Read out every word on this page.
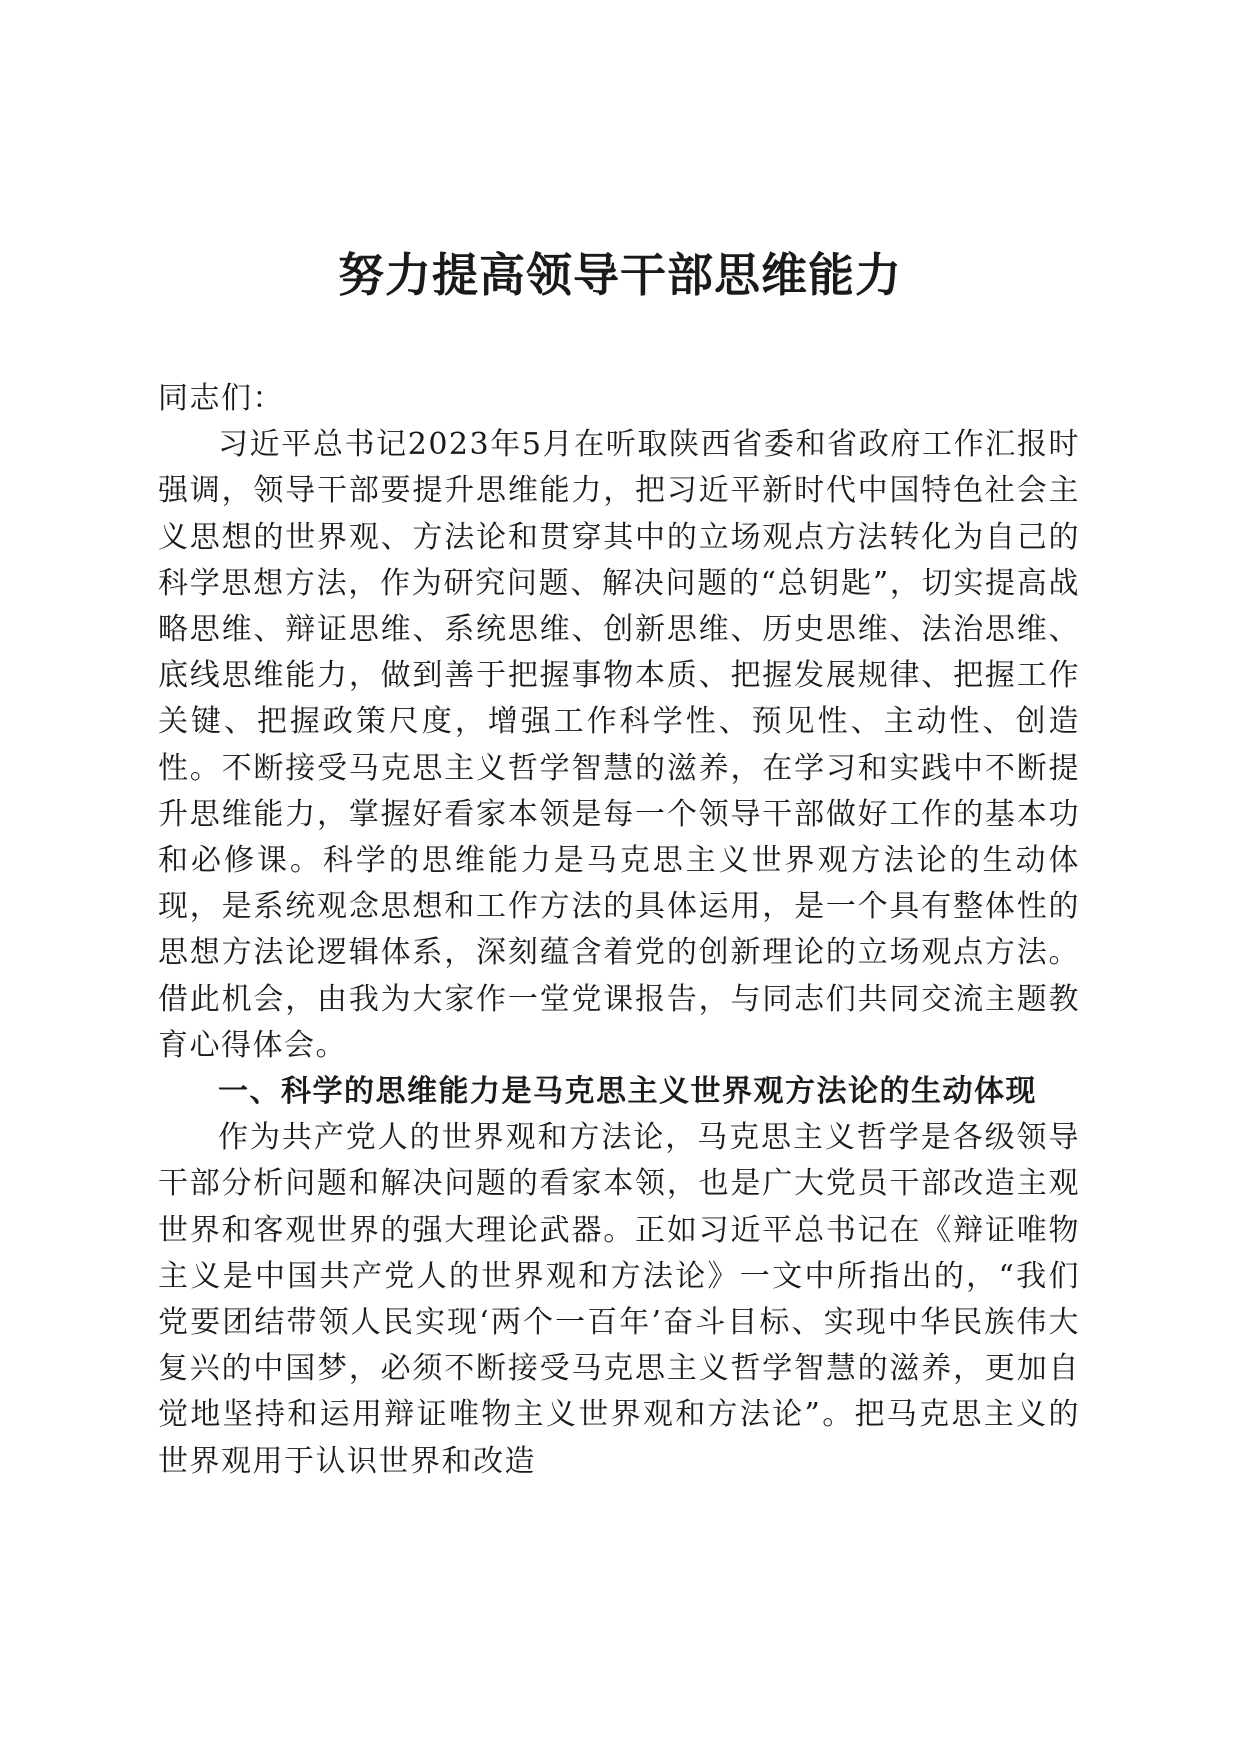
努力提高领导干部思维能力

同志们：

习近平总书记2023年5月在听取陕西省委和省政府工作汇报时强调，领导干部要提升思维能力，把习近平新时代中国特色社会主义思想的世界观、方法论和贯穿其中的立场观点方法转化为自己的科学思想方法，作为研究问题、解决问题的“总钥匙”，切实提高战略思维、辩证思维、系统思维、创新思维、历史思维、法治思维、底线思维能力，做到善于把握事物本质、把握发展规律、把握工作关键、把握政策尺度，增强工作科学性、预见性、主动性、创造性。不断接受马克思主义哲学智慧的滋养，在学习和实践中不断提升思维能力，掌握好看家本领是每一个领导干部做好工作的基本功和必修课。科学的思维能力是马克思主义世界观方法论的生动体现，是系统观念思想和工作方法的具体运用，是一个具有整体性的思想方法论逻辑体系，深刻蕴含着党的创新理论的立场观点方法。借此机会，由我为大家作一堂党课报告，与同志们共同交流主题教育心得体会。

一、科学的思维能力是马克思主义世界观方法论的生动体现

作为共产党人的世界观和方法论，马克思主义哲学是各级领导干部分析问题和解决问题的看家本领，也是广大党员干部改造主观世界和客观世界的强大理论武器。正如习近平总书记在《辩证唯物主义是中国共产党人的世界观和方法论》一文中所指出的，“我们党要团结带领人民实现‘两个一百年’奋斗目标、实现中华民族伟大复兴的中国梦，必须不断接受马克思主义哲学智慧的滋养，更加自觉地坚持和运用辩证唯物主义世界观和方法论”。把马克思主义的世界观用于认识世界和改造
